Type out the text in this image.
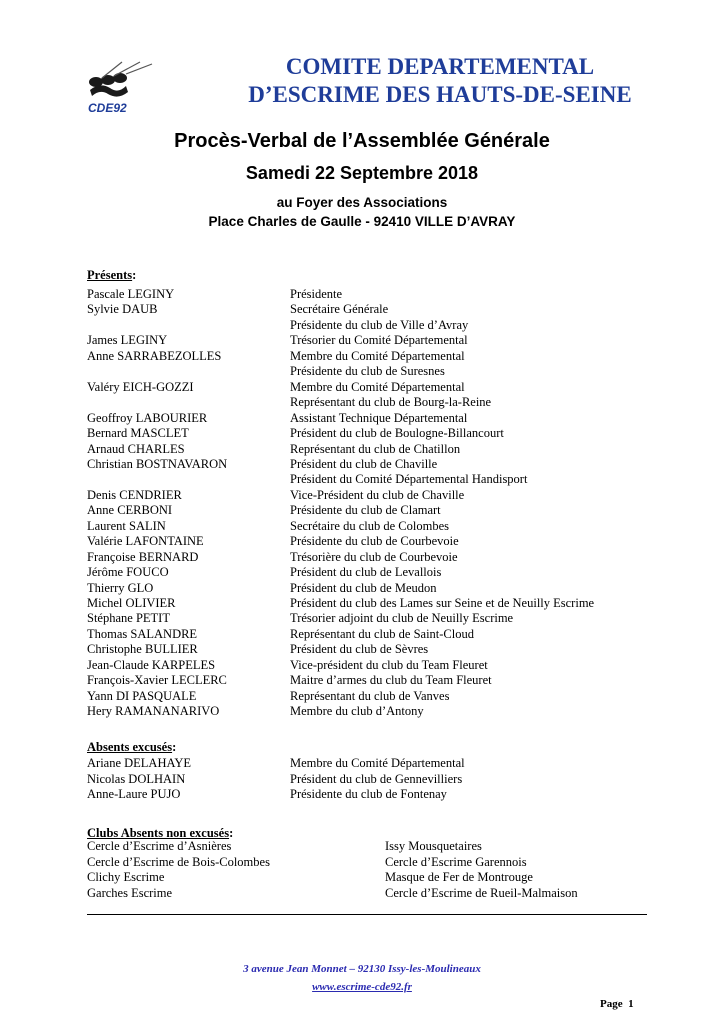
CDE92
COMITE DEPARTEMENTAL
D’ESCRIME DES HAUTS-DE-SEINE
Procès-Verbal de l’Assemblée Générale
Samedi 22 Septembre 2018
au Foyer des Associations
Place Charles de Gaulle - 92410 VILLE D’AVRAY
Présents:
Pascale LEGINY	Présidente
Sylvie DAUB	Secrétaire Générale
Présidente du club de Ville d’Avray
James LEGINY	Trésorier du Comité Départemental
Anne SARRABEZOLLES	Membre du Comité Départemental
Présidente du club de Suresnes
Valéry EICH-GOZZI	Membre du Comité Départemental
Représentant du club de Bourg-la-Reine
Geoffroy LABOURIER	Assistant Technique Départemental
Bernard MASCLET	Président du club de Boulogne-Billancourt
Arnaud CHARLES	Représentant du club de Chatillon
Christian BOSTNAVARON	Président du club de Chaville
Président du Comité Départemental Handisport
Denis CENDRIER	Vice-Président du club de Chaville
Anne CERBONI	Présidente du club de Clamart
Laurent SALIN	Secrétaire du club de Colombes
Valérie LAFONTAINE	Présidente du club de Courbevoie
Françoise BERNARD	Trésorière du club de Courbevoie
Jérôme FOUCO	Président du club de Levallois
Thierry GLO	Président du club de Meudon
Michel OLIVIER	Président du club des Lames sur Seine et de Neuilly Escrime
Stéphane PETIT	Trésorier adjoint du club de Neuilly Escrime
Thomas SALANDRE	Représentant du club de Saint-Cloud
Christophe BULLIER	Président du club de Sèvres
Jean-Claude KARPELES	Vice-président du club du Team Fleuret
François-Xavier LECLERC	Maitre d’armes du club du Team Fleuret
Yann DI PASQUALE	Représentant du club de Vanves
Hery RAMANANARIVO	Membre du club d’Antony
Absents excusés:
Ariane DELAHAYE	Membre du Comité Départemental
Nicolas DOLHAIN	Président du club de Gennevilliers
Anne-Laure PUJO	Présidente du club de Fontenay
Clubs Absents non excusés:
Cercle d’Escrime d’Asnières	Issy Mousquetaires
Cercle d’Escrime de Bois-Colombes	Cercle d’Escrime Garennois
Clichy Escrime	Masque de Fer de Montrouge
Garches Escrime	Cercle d’Escrime de Rueil-Malmaison
3 avenue Jean Monnet – 92130 Issy-les-Moulineaux
www.escrime-cde92.fr
Page 1
